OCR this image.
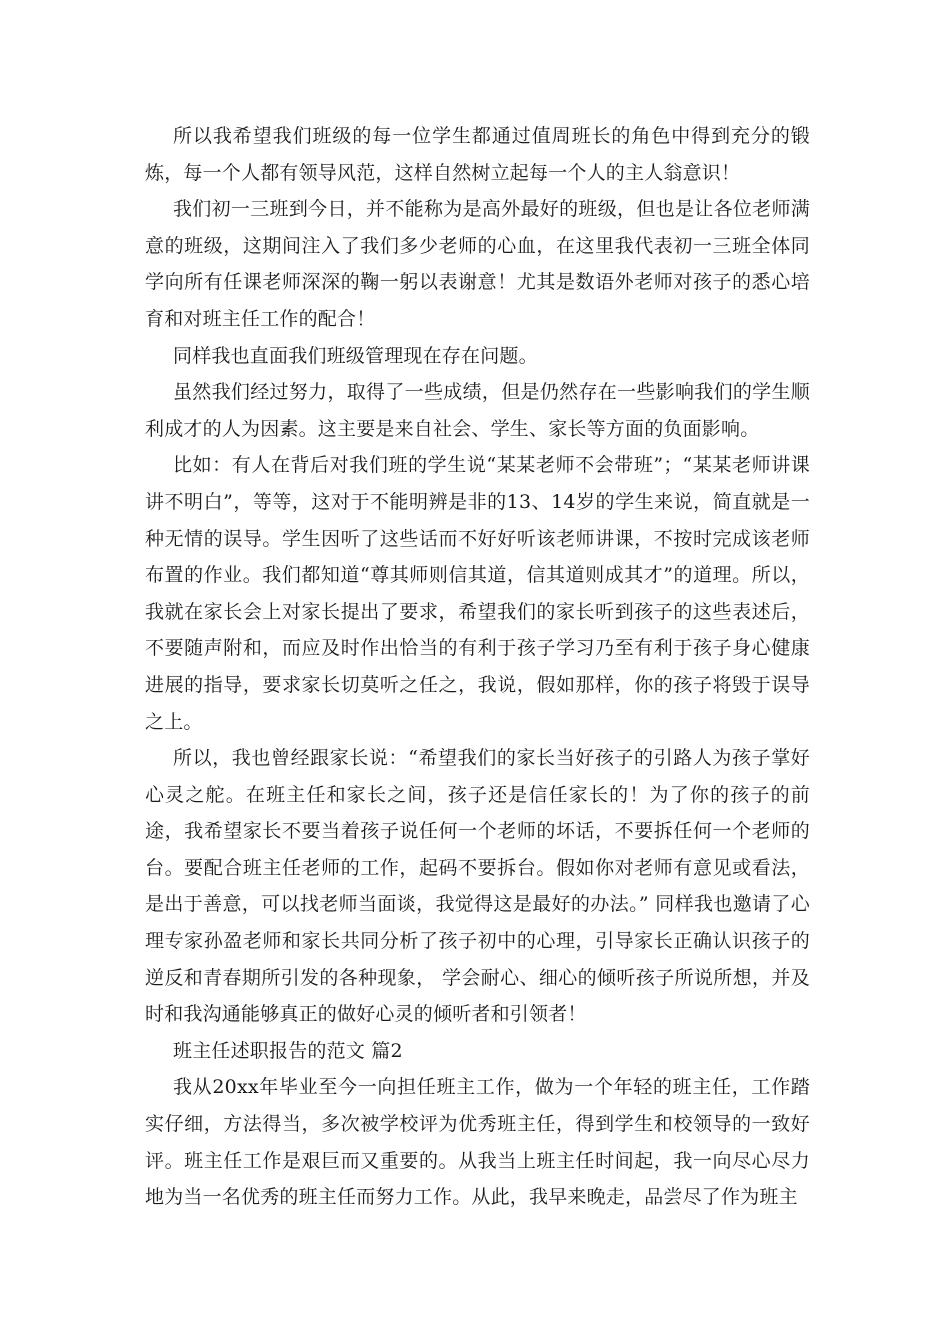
所以我希望我们班级的每一位学生都通过值周班长的角色中得到充分的锻炼，每一个人都有领导风范，这样自然树立起每一个人的主人翁意识！

我们初一三班到今日，并不能称为是高外最好的班级，但也是让各位老师满意的班级，这期间注入了我们多少老师的心血，在这里我代表初一三班全体同学向所有任课老师深深的鞠一躬以表谢意！尤其是数语外老师对孩子的悉心培育和对班主任工作的配合！

同样我也直面我们班级管理现在存在问题。

虽然我们经过努力，取得了一些成绩，但是仍然存在一些影响我们的学生顺利成才的人为因素。这主要是来自社会、学生、家长等方面的负面影响。

比如：有人在背后对我们班的学生说“某某老师不会带班”；“某某老师讲课讲不明白”，等等，这对于不能明辨是非的13、14岁的学生来说，简直就是一种无情的误导。学生因听了这些话而不好好听该老师讲课，不按时完成该老师布置的作业。我们都知道“尊其师则信其道，信其道则成其才”的道理。所以，我就在家长会上对家长提出了要求，希望我们的家长听到孩子的这些表述后，不要随声附和，而应及时作出恰当的有利于孩子学习乃至有利于孩子身心健康进展的指导，要求家长切莫听之任之，我说，假如那样，你的孩子将毁于误导之上。

所以，我也曾经跟家长说：“希望我们的家长当好孩子的引路人为孩子掌好心灵之舵。在班主任和家长之间，孩子还是信任家长的！为了你的孩子的前途，我希望家长不要当着孩子说任何一个老师的坏话，不要拆任何一个老师的台。要配合班主任老师的工作，起码不要拆台。假如你对老师有意见或看法，是出于善意，可以找老师当面谈，我觉得这是最好的办法。” 同样我也邀请了心理专家孙盈老师和家长共同分析了孩子初中的心理，引导家长正确认识孩子的逆反和青春期所引发的各种现象， 学会耐心、细心的倾听孩子所说所想，并及时和我沟通能够真正的做好心灵的倾听者和引领者！

班主任述职报告的范文 篇2

我从20xx年毕业至今一向担任班主工作，做为一个年轻的班主任，工作踏实仔细，方法得当，多次被学校评为优秀班主任，得到学生和校领导的一致好评。班主任工作是艰巨而又重要的。从我当上班主任时间起，我一向尽心尽力地为当一名优秀的班主任而努力工作。从此，我早来晚走，品尝尽了作为班主
